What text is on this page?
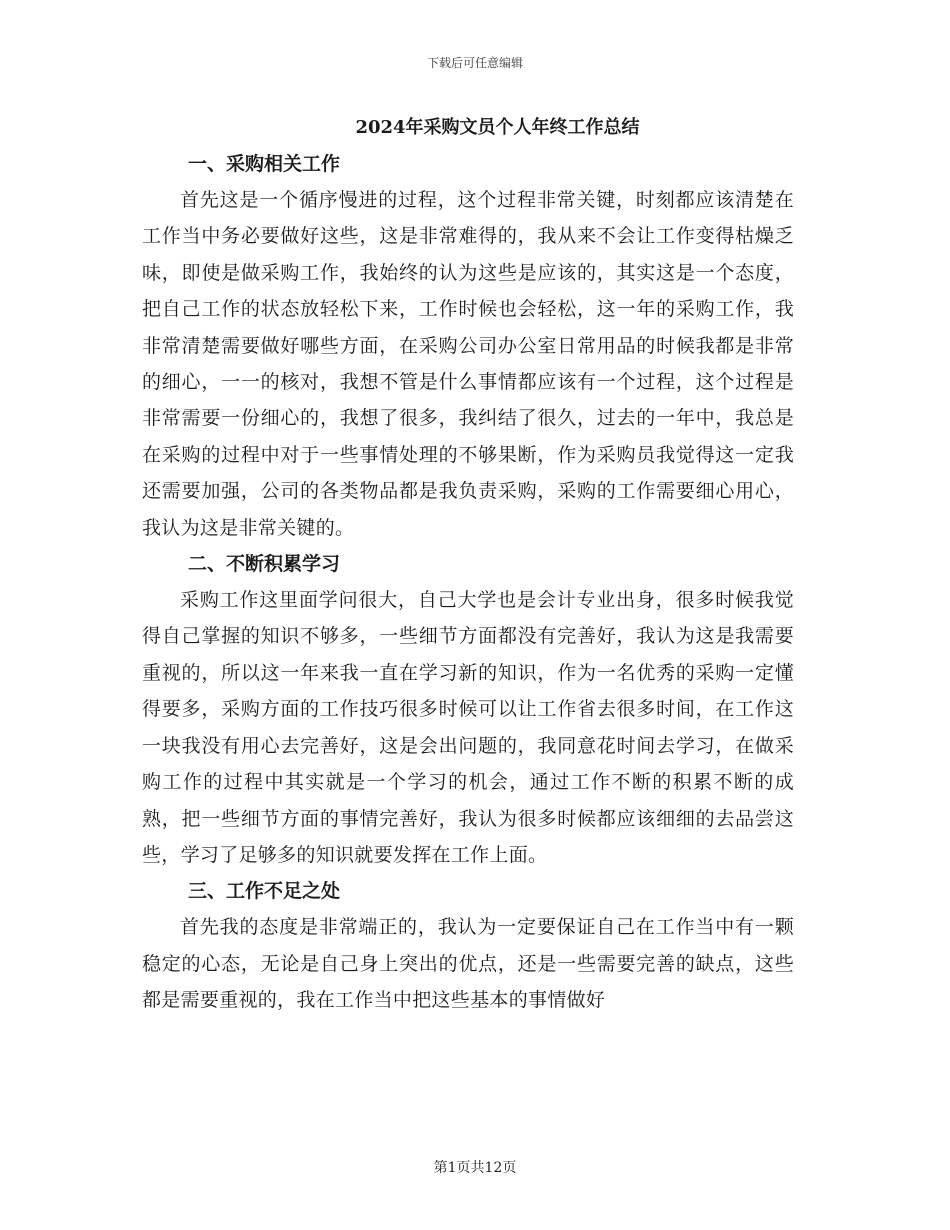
下载后可任意编辑
2024年采购文员个人年终工作总结

一、采购相关工作

首先这是一个循序慢进的过程，这个过程非常关键，时刻都应该清楚在工作当中务必要做好这些，这是非常难得的，我从来不会让工作变得枯燥乏味，即使是做采购工作，我始终的认为这些是应该的，其实这是一个态度，把自己工作的状态放轻松下来，工作时候也会轻松，这一年的采购工作，我非常清楚需要做好哪些方面，在采购公司办公室日常用品的时候我都是非常的细心，一一的核对，我想不管是什么事情都应该有一个过程，这个过程是非常需要一份细心的，我想了很多，我纠结了很久，过去的一年中，我总是在采购的过程中对于一些事情处理的不够果断，作为采购员我觉得这一定我还需要加强，公司的各类物品都是我负责采购，采购的工作需要细心用心，我认为这是非常关键的。

二、不断积累学习

采购工作这里面学问很大，自己大学也是会计专业出身，很多时候我觉得自己掌握的知识不够多，一些细节方面都没有完善好，我认为这是我需要重视的，所以这一年来我一直在学习新的知识，作为一名优秀的采购一定懂得要多，采购方面的工作技巧很多时候可以让工作省去很多时间，在工作这一块我没有用心去完善好，这是会出问题的，我同意花时间去学习，在做采购工作的过程中其实就是一个学习的机会，通过工作不断的积累不断的成熟，把一些细节方面的事情完善好，我认为很多时候都应该细细的去品尝这些，学习了足够多的知识就要发挥在工作上面。

三、工作不足之处

首先我的态度是非常端正的，我认为一定要保证自己在工作当中有一颗稳定的心态，无论是自己身上突出的优点，还是一些需要完善的缺点，这些都是需要重视的，我在工作当中把这些基本的事情做好

第1页共12页
